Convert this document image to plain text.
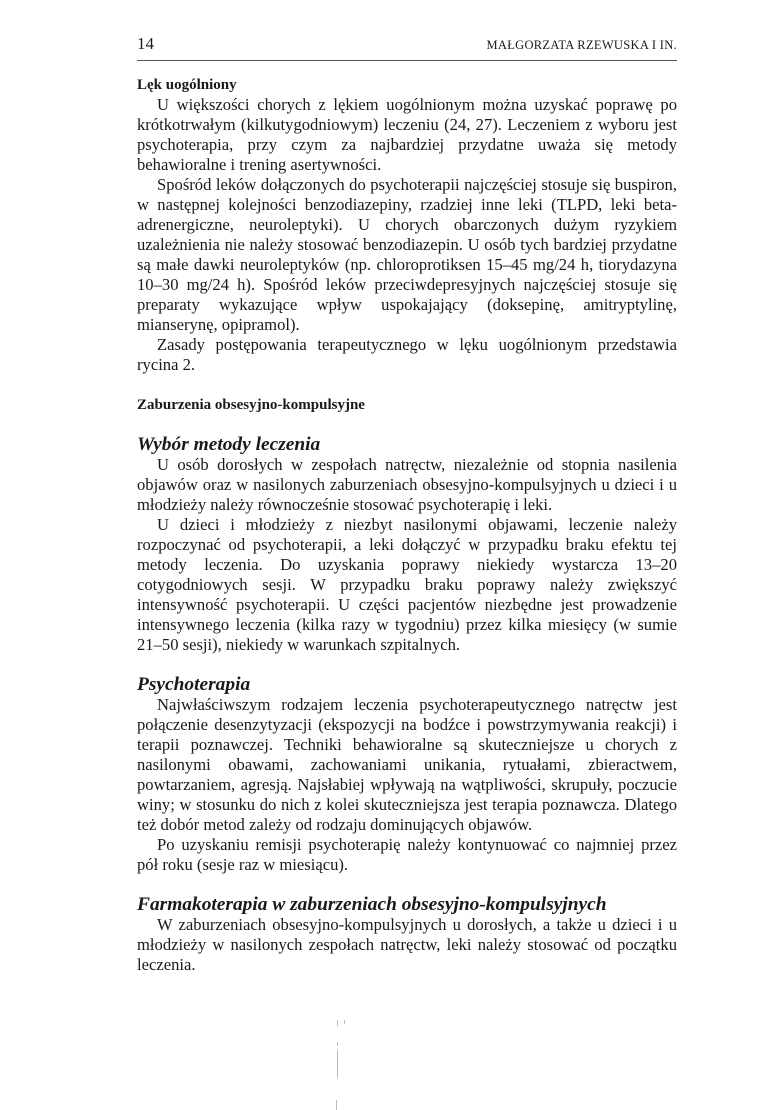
14	MAŁGORZATA RZEWUSKA I IN.
Lęk uogólniony

U większości chorych z lękiem uogólnionym można uzyskać poprawę po krótkotrwałym (kilkutygodniowym) leczeniu (24, 27). Leczeniem z wyboru jest psychoterapia, przy czym za najbardziej przydatne uważa się metody behawioralne i trening asertywności.

Spośród leków dołączonych do psychoterapii najczęściej stosuje się buspiron, w następnej kolejności benzodiazepiny, rzadziej inne leki (TLPD, leki beta-adrenergiczne, neuroleptyki). U chorych obarczonych dużym ryzykiem uzależnienia nie należy stosować benzodiazepin. U osób tych bardziej przydatne są małe dawki neuroleptyków (np. chloroprotiksen 15–45 mg/24 h, tiorydazyna 10–30 mg/24 h). Spośród leków przeciwdepresyjnych najczęściej stosuje się preparaty wykazujące wpływ uspokajający (doksepinę, amitryptylinę, mianserynę, opipramol).

Zasady postępowania terapeutycznego w lęku uogólnionym przedstawia rycina 2.

Zaburzenia obsesyjno-kompulsyjne
Wybór metody leczenia

U osób dorosłych w zespołach natręctw, niezależnie od stopnia nasilenia objawów oraz w nasilonych zaburzeniach obsesyjno-kompulsyjnych u dzieci i u młodzieży należy równocześnie stosować psychoterapię i leki.

U dzieci i młodzieży z niezbyt nasilonymi objawami, leczenie należy rozpoczynać od psychoterapii, a leki dołączyć w przypadku braku efektu tej metody leczenia. Do uzyskania poprawy niekiedy wystarcza 13–20 cotygodniowych sesji. W przypadku braku poprawy należy zwiększyć intensywność psychoterapii. U części pacjentów niezbędne jest prowadzenie intensywnego leczenia (kilka razy w tygodniu) przez kilka miesięcy (w sumie 21–50 sesji), niekiedy w warunkach szpitalnych.

Psychoterapia

Najwłaściwszym rodzajem leczenia psychoterapeutycznego natręctw jest połączenie desenzytyzacji (ekspozycji na bodźce i powstrzymywania reakcji) i terapii poznawczej. Techniki behawioralne są skuteczniejsze u chorych z nasilonymi obawami, zachowaniami unikania, rytuałami, zbieractwem, powtarzaniem, agresją. Najsłabiej wpływają na wątpliwości, skrupuły, poczucie winy; w stosunku do nich z kolei skuteczniejsza jest terapia poznawcza. Dlatego też dobór metod zależy od rodzaju dominujących objawów.

Po uzyskaniu remisji psychoterapię należy kontynuować co najmniej przez pół roku (sesje raz w miesiącu).

Farmakoterapia w zaburzeniach obsesyjno-kompulsyjnych

W zaburzeniach obsesyjno-kompulsyjnych u dorosłych, a także u dzieci i u młodzieży w nasilonych zespołach natręctw, leki należy stosować od początku leczenia.
